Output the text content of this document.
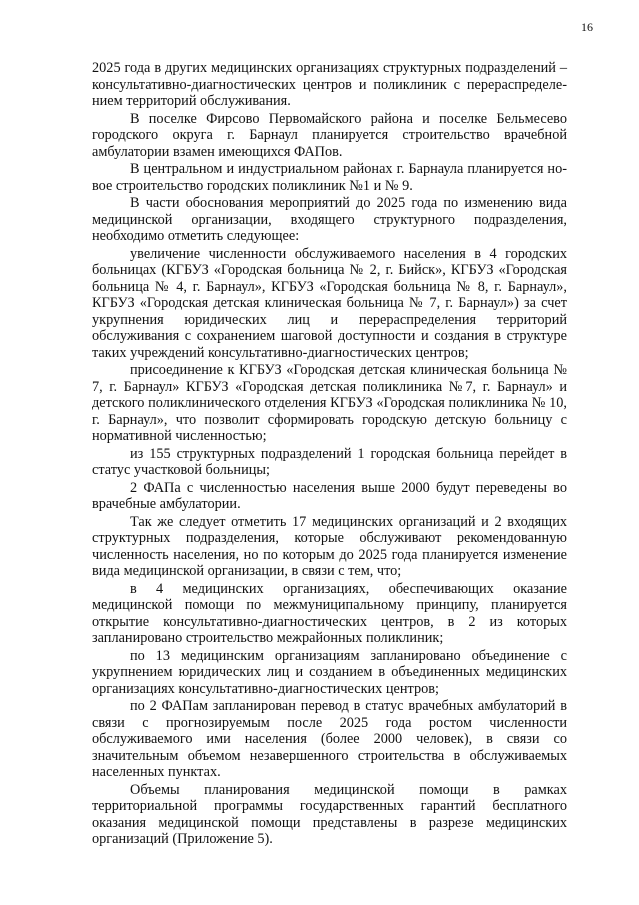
16

2025 года в других медицинских организациях структурных подразделений – консультативно-диагностических центров и поликлиник с перераспределением территорий обслуживания.

В поселке Фирсово Первомайского района и поселке Бельмесево городского округа г. Барнаул планируется строительство врачебной амбулатории взамен имеющихся ФАПов.

В центральном и индустриальном районах г. Барнаула планируется новое строительство городских поликлиник №1 и № 9.

В части обоснования мероприятий до 2025 года по изменению вида медицинской организации, входящего структурного подразделения, необходимо отметить следующее:

увеличение численности обслуживаемого населения в 4 городских больницах (КГБУЗ «Городская больница № 2, г. Бийск», КГБУЗ «Городская больница № 4, г. Барнаул», КГБУЗ «Городская больница № 8, г. Барнаул», КГБУЗ «Городская детская клиническая больница № 7, г. Барнаул») за счет укрупнения юридических лиц и перераспределения территорий обслуживания с сохранением шаговой доступности и создания в структуре таких учреждений консультативно-диагностических центров;

присоединение к КГБУЗ «Городская детская клиническая больница № 7, г. Барнаул» КГБУЗ «Городская детская поликлиника №7, г. Барнаул» и детского поликлинического отделения КГБУЗ «Городская поликлиника № 10, г. Барнаул», что позволит сформировать городскую детскую больницу с нормативной численностью;

из 155 структурных подразделений 1 городская больница перейдет в статус участковой больницы;

2 ФАПа с численностью населения выше 2000 будут переведены во врачебные амбулатории.

Так же следует отметить 17 медицинских организаций и 2 входящих структурных подразделения, которые обслуживают рекомендованную численность населения, но по которым до 2025 года планируется изменение вида медицинской организации, в связи с тем, что;

в 4 медицинских организациях, обеспечивающих оказание медицинской помощи по межмуниципальному принципу, планируется открытие консультативно-диагностических центров, в 2 из которых запланировано строительство межрайонных поликлиник;

по 13 медицинским организациям запланировано объединение с укрупнением юридических лиц и созданием в объединенных медицинских организациях консультативно-диагностических центров;

по 2 ФАПам запланирован перевод в статус врачебных амбулаторий в связи с прогнозируемым после 2025 года ростом численности обслуживаемого ими населения (более 2000 человек), в связи со значительным объемом незавершенного строительства в обслуживаемых населенных пунктах.

Объемы планирования медицинской помощи в рамках территориальной программы государственных гарантий бесплатного оказания медицинской помощи представлены в разрезе медицинских организаций (Приложение 5).
